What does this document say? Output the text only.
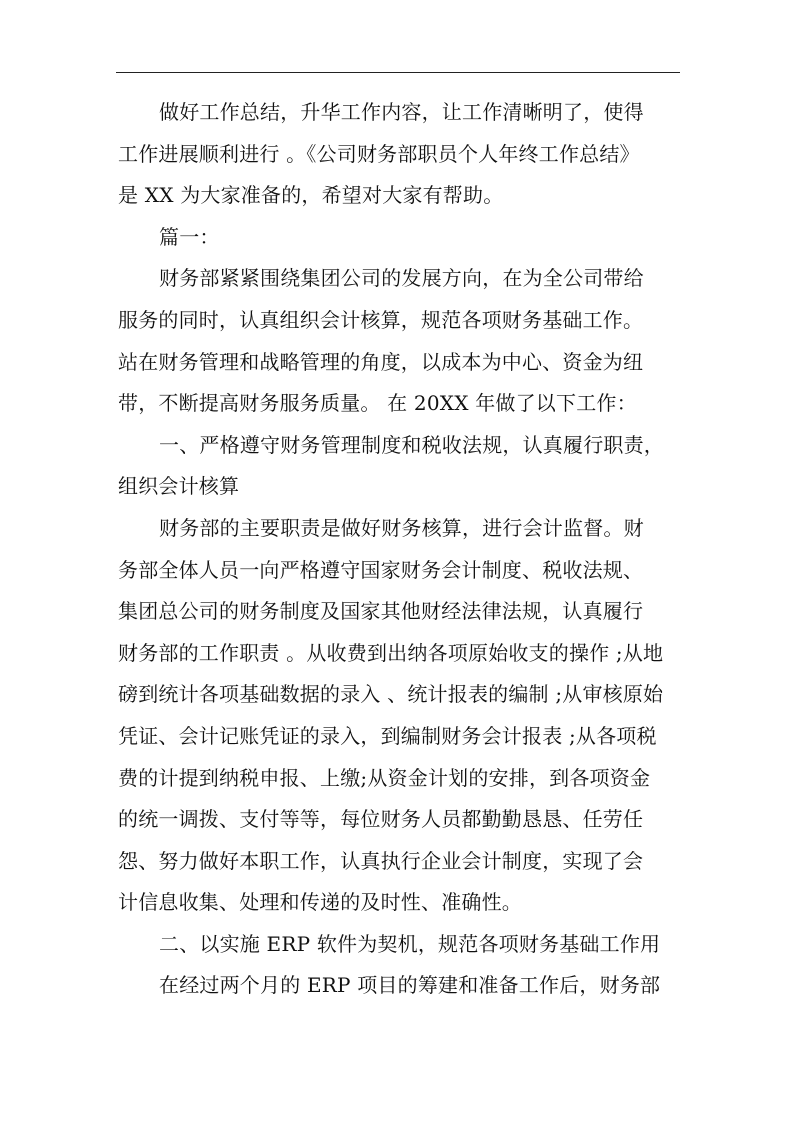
做好工作总结，升华工作内容，让工作清晰明了，使得
工作进展顺利进行 。《公司财务部职员个人年终工作总结》
是 XX 为大家准备的，希望对大家有帮助。
篇一：
财务部紧紧围绕集团公司的发展方向，在为全公司带给
服务的同时，认真组织会计核算，规范各项财务基础工作。
站在财务管理和战略管理的角度，以成本为中心、资金为纽
带，不断提高财务服务质量。 在 20XX 年做了以下工作：
一、严格遵守财务管理制度和税收法规，认真履行职责，
组织会计核算
财务部的主要职责是做好财务核算，进行会计监督。财
务部全体人员一向严格遵守国家财务会计制度、税收法规、
集团总公司的财务制度及国家其他财经法律法规，认真履行
财务部的工作职责 。从收费到出纳各项原始收支的操作 ;从地
磅到统计各项基础数据的录入 、统计报表的编制 ;从审核原始
凭证、会计记账凭证的录入，到编制财务会计报表 ;从各项税
费的计提到纳税申报、上缴;从资金计划的安排，到各项资金
的统一调拨、支付等等，每位财务人员都勤勤恳恳、任劳任
怨、努力做好本职工作，认真执行企业会计制度，实现了会
计信息收集、处理和传递的及时性、准确性。
二、以实施 ERP 软件为契机，规范各项财务基础工作用
在经过两个月的 ERP 项目的筹建和准备工作后，财务部
